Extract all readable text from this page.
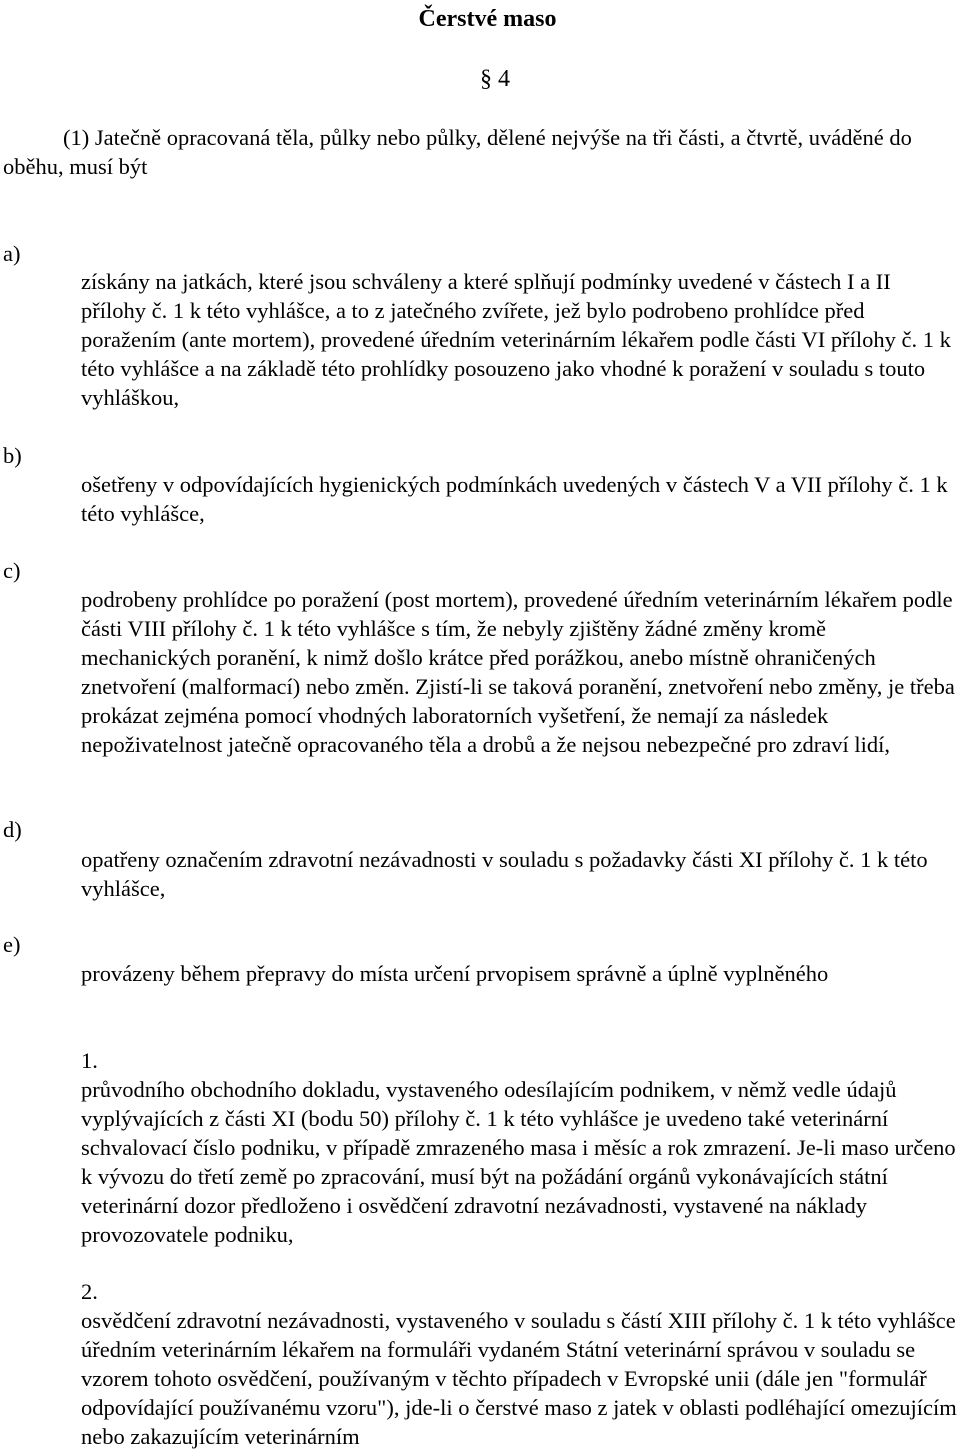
Čerstvé maso

§ 4

(1) Jatečně opracovaná těla, půlky nebo půlky, dělené nejvýše na tři části, a čtvrtě, uváděné do oběhu, musí být

a)

získány na jatkách, které jsou schváleny a které splňují podmínky uvedené v částech I a II přílohy č. 1 k této vyhlášce, a to z jatečného zvířete, jež bylo podrobeno prohlídce před poražením (ante mortem), provedené úředním veterinárním lékařem podle části VI přílohy č. 1 k této vyhlášce a na základě této prohlídky posouzeno jako vhodné k poražení v souladu s touto vyhláškou,

b)

ošetřeny v odpovídajících hygienických podmínkách uvedených v částech V a VII přílohy č. 1 k této vyhlášce,

c)

podrobeny prohlídce po poražení (post mortem), provedené úředním veterinárním lékařem podle části VIII přílohy č. 1 k této vyhlášce s tím, že nebyly zjištěny žádné změny kromě mechanických poranění, k nimž došlo krátce před porážkou, anebo místně ohraničených znetvoření (malformací) nebo změn. Zjistí-li se taková poranění, znetvoření nebo změny, je třeba prokázat zejména pomocí vhodných laboratorních vyšetření, že nemají za následek nepoživatelnost jatečně opracovaného těla a drobů a že nejsou nebezpečné pro zdraví lidí,

d)

opatřeny označením zdravotní nezávadnosti v souladu s požadavky části XI přílohy č. 1 k této vyhlášce,

e)

provázeny během přepravy do místa určení prvopisem správně a úplně vyplněného

1.

průvodního obchodního dokladu, vystaveného odesílajícím podnikem, v němž vedle údajů vyplývajících z části XI (bodu 50) přílohy č. 1 k této vyhlášce je uvedeno také veterinární schvalovací číslo podniku, v případě zmrazeného masa i měsíc a rok zmrazení. Je-li maso určeno k vývozu do třetí země po zpracování, musí být na požádání orgánů vykonávajících státní veterinární dozor předloženo i osvědčení zdravotní nezávadnosti, vystavené na náklady provozovatele podniku,

2.

osvědčení zdravotní nezávadnosti, vystaveného v souladu s částí XIII přílohy č. 1 k této vyhlášce úředním veterinárním lékařem na formuláři vydaném Státní veterinární správou v souladu se vzorem tohoto osvědčení, používaným v těchto případech v Evropské unii (dále jen "formulář odpovídající používanému vzoru"), jde-li o čerstvé maso z jatek v oblasti podléhající omezujícím nebo zakazujícím veterinárním
